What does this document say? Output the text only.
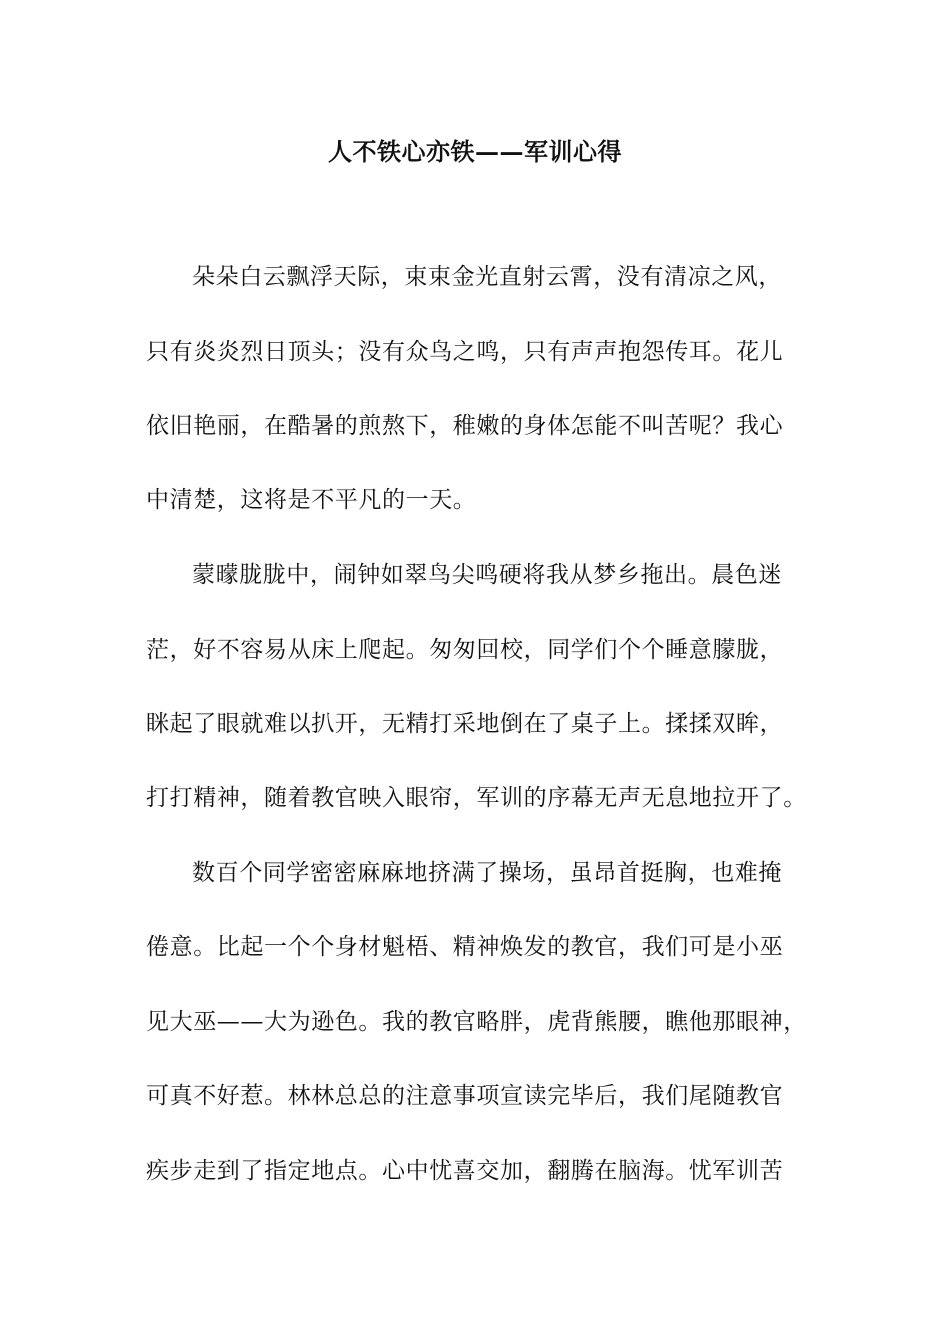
人不铁心亦铁——军训心得
朵朵白云飘浮天际，束束金光直射云霄，没有清凉之风，
只有炎炎烈日顶头；没有众鸟之鸣，只有声声抱怨传耳。花儿
依旧艳丽，在酷暑的煎熬下，稚嫩的身体怎能不叫苦呢？我心
中清楚，这将是不平凡的一天。
蒙曚胧胧中，闹钟如翠鸟尖鸣硬将我从梦乡拖出。晨色迷
茫，好不容易从床上爬起。匆匆回校，同学们个个睡意朦胧，
眯起了眼就难以扒开，无精打采地倒在了桌子上。揉揉双眸，
打打精神，随着教官映入眼帘，军训的序幕无声无息地拉开了。
数百个同学密密麻麻地挤满了操场，虽昂首挺胸，也难掩
倦意。比起一个个身材魁梧、精神焕发的教官，我们可是小巫
见大巫——大为逊色。我的教官略胖，虎背熊腰，瞧他那眼神，
可真不好惹。林林总总的注意事项宣读完毕后，我们尾随教官
疾步走到了指定地点。心中忧喜交加，翻腾在脑海。忧军训苦
